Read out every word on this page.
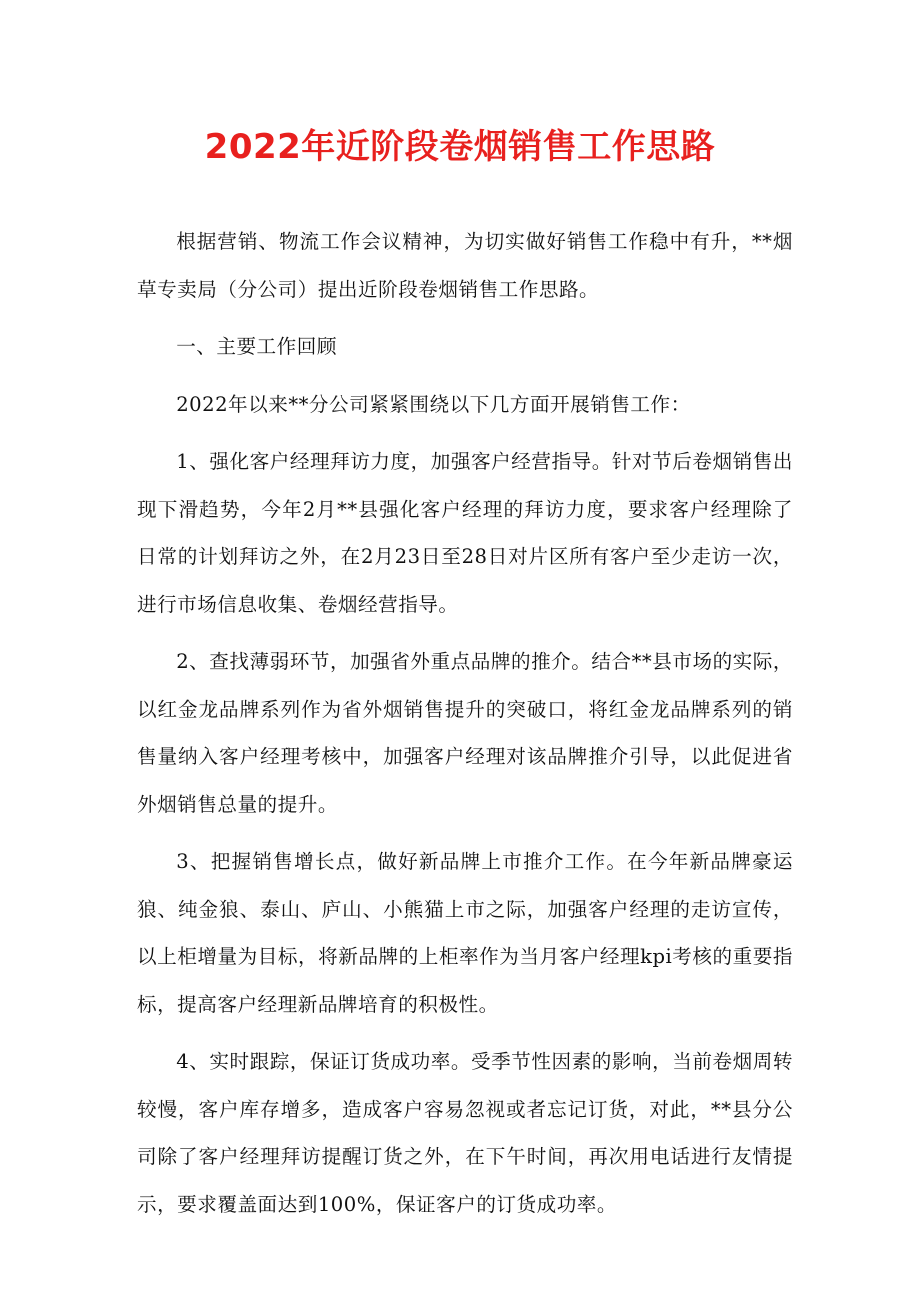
2022年近阶段卷烟销售工作思路

根据营销、物流工作会议精神，为切实做好销售工作稳中有升，**烟草专卖局（分公司）提出近阶段卷烟销售工作思路。

一、主要工作回顾

2022年以来**分公司紧紧围绕以下几方面开展销售工作：

1、强化客户经理拜访力度，加强客户经营指导。针对节后卷烟销售出现下滑趋势，今年2月**县强化客户经理的拜访力度，要求客户经理除了日常的计划拜访之外，在2月23日至28日对片区所有客户至少走访一次，进行市场信息收集、卷烟经营指导。

2、查找薄弱环节，加强省外重点品牌的推介。结合**县市场的实际，以红金龙品牌系列作为省外烟销售提升的突破口，将红金龙品牌系列的销售量纳入客户经理考核中，加强客户经理对该品牌推介引导，以此促进省外烟销售总量的提升。

3、把握销售增长点，做好新品牌上市推介工作。在今年新品牌豪运狼、纯金狼、泰山、庐山、小熊猫上市之际，加强客户经理的走访宣传，以上柜增量为目标，将新品牌的上柜率作为当月客户经理kpi考核的重要指标，提高客户经理新品牌培育的积极性。

4、实时跟踪，保证订货成功率。受季节性因素的影响，当前卷烟周转较慢，客户库存增多，造成客户容易忽视或者忘记订货，对此，**县分公司除了客户经理拜访提醒订货之外，在下午时间，再次用电话进行友情提示，要求覆盖面达到100%，保证客户的订货成功率。
